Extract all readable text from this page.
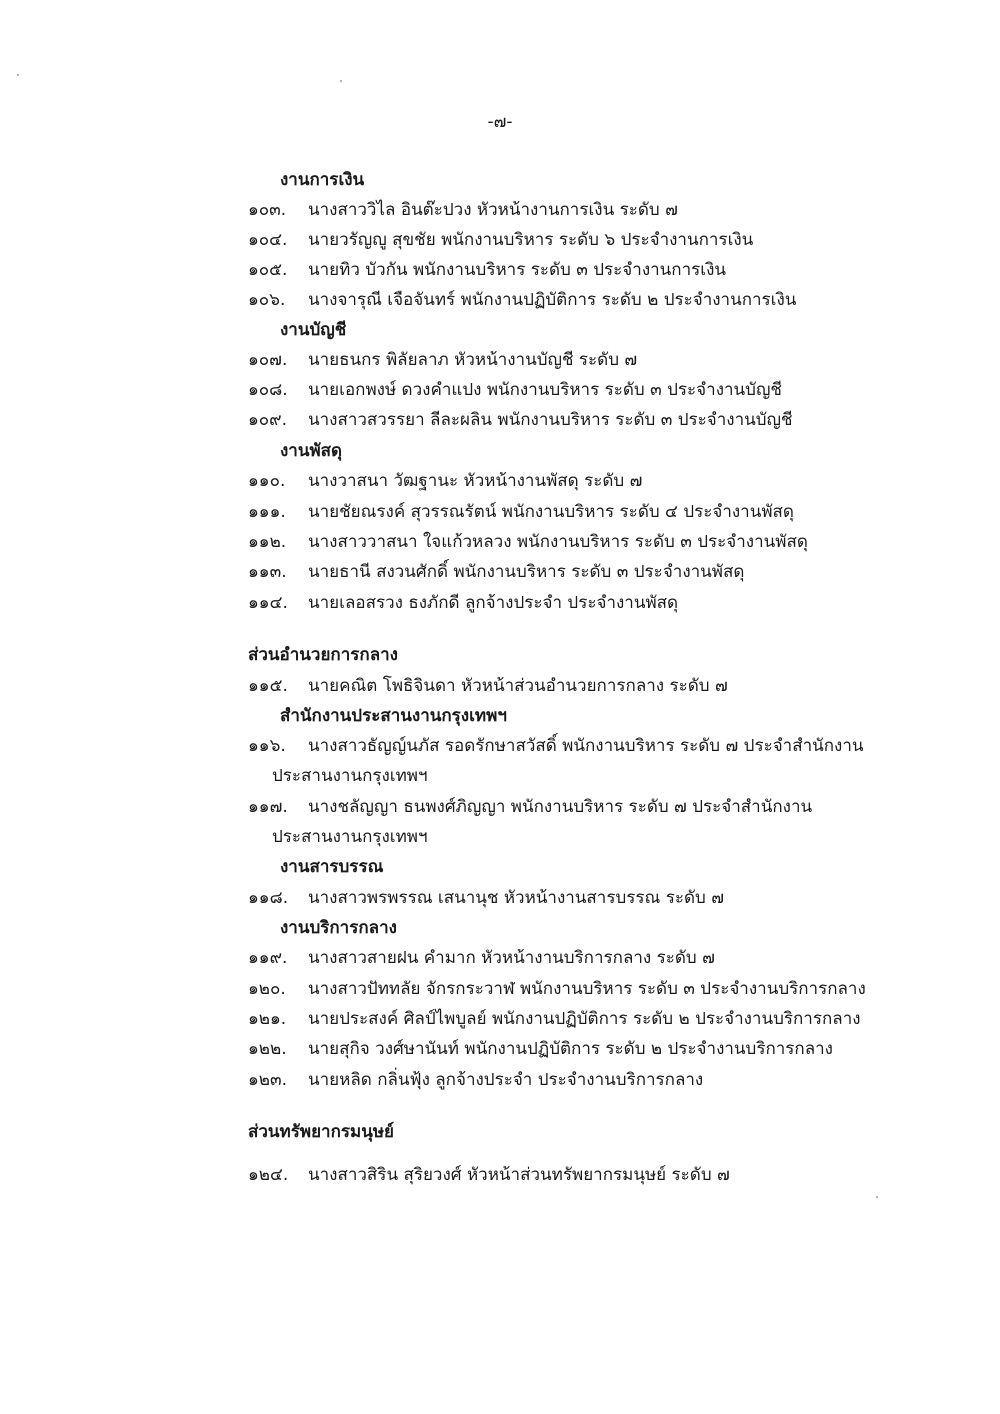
-๗-
งานการเงิน
๑๐๓. นางสาววิไล อินต๊ะปวง หัวหน้างานการเงิน ระดับ ๗
๑๐๔. นายวรัญญู สุขชัย พนักงานบริหาร ระดับ ๖ ประจำงานการเงิน
๑๐๕. นายทิว บัวกัน พนักงานบริหาร ระดับ ๓ ประจำงานการเงิน
๑๐๖. นางจารุณี เจือจันทร์ พนักงานปฏิบัติการ ระดับ ๒ ประจำงานการเงิน
งานบัญชี
๑๐๗. นายธนกร พิลัยลาภ หัวหน้างานบัญชี ระดับ ๗
๑๐๘. นายเอกพงษ์ ดวงคำแปง พนักงานบริหาร ระดับ ๓ ประจำงานบัญชี
๑๐๙. นางสาวสวรรยา ลีละผลิน พนักงานบริหาร ระดับ ๓ ประจำงานบัญชี
งานพัสดุ
๑๑๐. นางวาสนา วัฒฐานะ หัวหน้างานพัสดุ ระดับ ๗
๑๑๑. นายชัยณรงค์ สุวรรณรัตน์ พนักงานบริหาร ระดับ ๔ ประจำงานพัสดุ
๑๑๒. นางสาววาสนา ใจแก้วหลวง พนักงานบริหาร ระดับ ๓ ประจำงานพัสดุ
๑๑๓. นายธานี สงวนศักดิ์ พนักงานบริหาร ระดับ ๓ ประจำงานพัสดุ
๑๑๔. นายเลอสรวง ธงภักดี ลูกจ้างประจำ ประจำงานพัสดุ
ส่วนอำนวยการกลาง
๑๑๕. นายคณิต โพธิจินดา หัวหน้าส่วนอำนวยการกลาง ระดับ ๗
สำนักงานประสานงานกรุงเทพฯ
๑๑๖. นางสาวธัญญ์นภัส รอดรักษาสวัสดิ์ พนักงานบริหาร ระดับ ๗ ประจำสำนักงาน
ประสานงานกรุงเทพฯ
๑๑๗. นางชลัญญา ธนพงศ์ภิญญา พนักงานบริหาร ระดับ ๗ ประจำสำนักงาน
ประสานงานกรุงเทพฯ
งานสารบรรณ
๑๑๘. นางสาวพรพรรณ เสนานุช หัวหน้างานสารบรรณ ระดับ ๗
งานบริการกลาง
๑๑๙. นางสาวสายฝน คำมาก หัวหน้างานบริการกลาง ระดับ ๗
๑๒๐. นางสาวปัททลัย จักรกระวาฬ พนักงานบริหาร ระดับ ๓ ประจำงานบริการกลาง
๑๒๑. นายประสงค์ ศิลป์ไพบูลย์ พนักงานปฏิบัติการ ระดับ ๒ ประจำงานบริการกลาง
๑๒๒. นายสุกิจ วงศ์ษานันท์ พนักงานปฏิบัติการ ระดับ ๒ ประจำงานบริการกลาง
๑๒๓. นายหลิด กลิ่นฟุ้ง ลูกจ้างประจำ ประจำงานบริการกลาง
ส่วนทรัพยากรมนุษย์
๑๒๔. นางสาวสิริน สุริยวงศ์ หัวหน้าส่วนทรัพยากรมนุษย์ ระดับ ๗
